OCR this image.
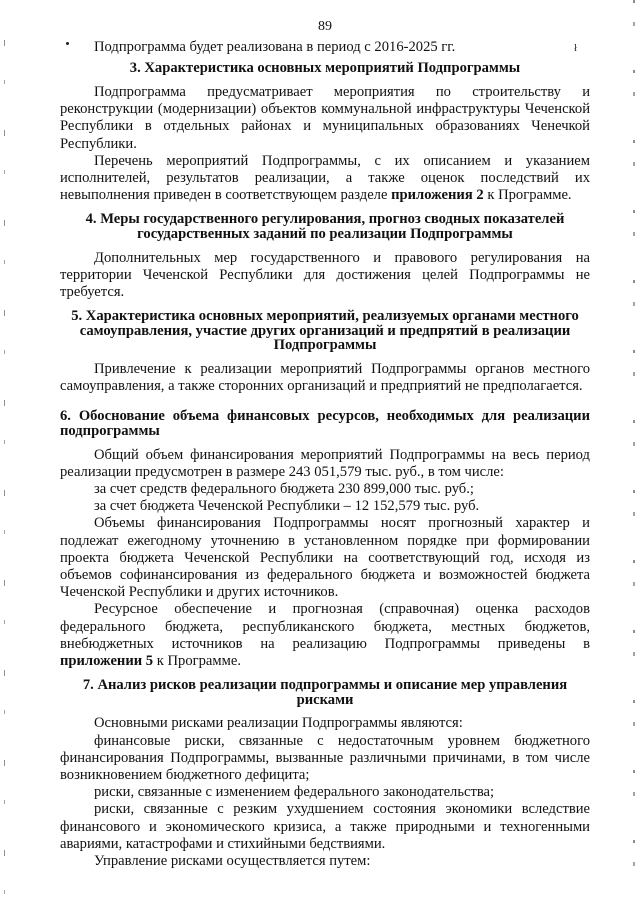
ł
89

Подпрограмма будет реализована в период с 2016-2025 гг.

3. Характеристика основных мероприятий Подпрограммы

Подпрограмма предусматривает мероприятия по строительству и реконструкции (модернизации) объектов коммунальной инфраструктуры Чеченской Республики в отдельных районах и муниципальных образованиях Ченечкой Республики.

Перечень мероприятий Подпрограммы, с их описанием и указанием исполнителей, результатов реализации, а также оценок последствий их невыполнения приведен в соответствующем разделе приложения 2 к Программе.

4. Меры государственного регулирования, прогноз сводных показателей государственных заданий по реализации Подпрограммы

Дополнительных мер государственного и правового регулирования на территории Чеченской Республики для достижения целей Подпрограммы не требуется.

5. Характеристика основных мероприятий, реализуемых органами местного самоуправления, участие других организаций и предпрятий в реализации Подпрограммы

Привлечение к реализации мероприятий Подпрограммы органов местного самоуправления, а также сторонних организаций и предприятий не предполагается.

6. Обоснование объема финансовых ресурсов, необходимых для реализации подпрограммы

Общий объем финансирования мероприятий Подпрограммы на весь период реализации предусмотрен в размере 243 051,579 тыс. руб., в том числе:

за счет средств федерального бюджета 230 899,000 тыс. руб.;

за счет бюджета Чеченской Республики – 12 152,579 тыс. руб.

Объемы финансирования Подпрограммы носят прогнозный характер и подлежат ежегодному уточнению в установленном порядке при формировании проекта бюджета Чеченской Республики на соответствующий год, исходя из объемов софинансирования из федерального бюджета и возможностей бюджета Чеченской Республики и других источников.

Ресурсное обеспечение и прогнозная (справочная) оценка расходов федерального бюджета, республиканского бюджета, местных бюджетов, внебюджетных источников на реализацию Подпрограммы приведены в приложении 5 к Программе.

7. Анализ рисков реализации подпрограммы и описание мер управления рисками

Основными рисками реализации Подпрограммы являются:

финансовые риски, связанные с недостаточным уровнем бюджетного финансирования Подпрограммы, вызванные различными причинами, в том числе возникновением бюджетного дефицита;

риски, связанные с изменением федерального законодательства;

риски, связанные с резким ухудшением состояния экономики вследствие финансового и экономического кризиса, а также природными и техногенными авариями, катастрофами и стихийными бедствиями.

Управление рисками осуществляется путем:
